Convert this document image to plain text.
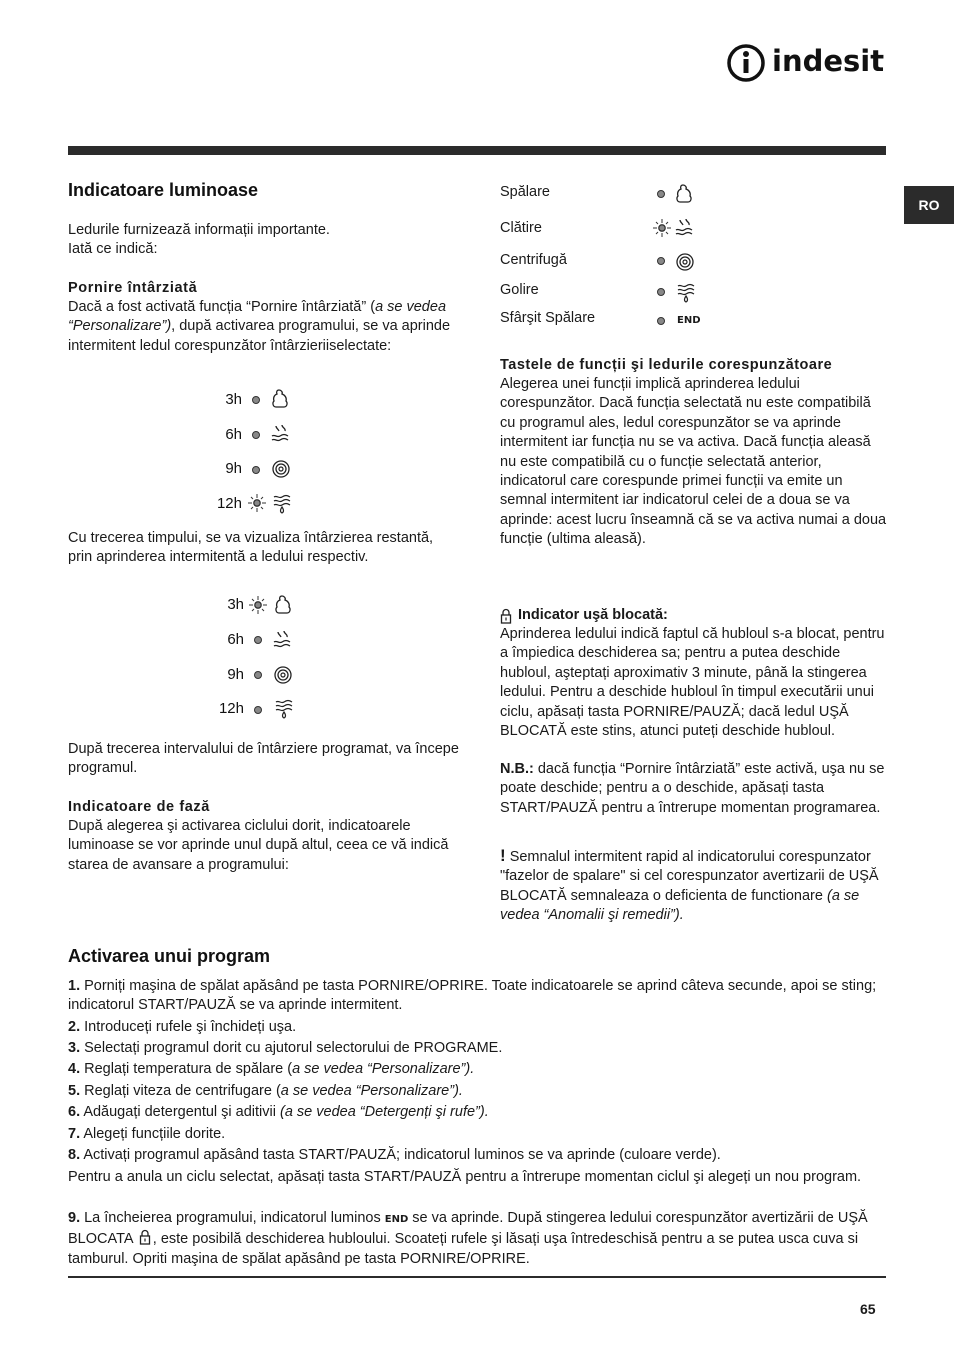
indesit
RO
Indicatoare luminoase

Ledurile furnizează informații importante.

Iată ce indică:

Pornire întârziată

Dacă a fost activată funcția “Pornire întârziată” (a se vedea “Personalizare”), după activarea programului, se va aprinde intermitent ledul corespunzător întârzieriiselectate:

3h
6h
9h
12h

Cu trecerea timpului, se va vizualiza întârzierea restantă, prin aprinderea intermitentă a ledului respectiv.

3h
6h
9h
12h

După trecerea intervalului de întârziere programat, va începe programul.

Indicatoare de fază

După alegerea şi activarea ciclului dorit, indicatoarele luminoase se vor aprinde unul după altul, ceea ce vă indică starea de avansare a programului:

Spălare
Clătire
Centrifugă
Golire
Sfârşit Spălare	END

Tastele de funcții şi ledurile corespunzătoare

Alegerea unei funcții implică aprinderea ledului corespunzător. Dacă funcția selectată nu este compatibilă cu programul ales, ledul corespunzător se va aprinde intermitent iar funcția nu se va activa. Dacă funcția aleasă nu este compatibilă cu o funcție selectată anterior, indicatorul care corespunde primei funcții va emite un semnal intermitent iar indicatorul celei de a doua se va aprinde: acest lucru înseamnă că se va activa numai a doua funcție (ultima aleasă).

Indicator uşă blocată:

Aprinderea ledului indică faptul că hubloul s-a blocat, pentru a împiedica deschiderea sa; pentru a putea deschide hubloul, aşteptați aproximativ 3 minute, până la stingerea ledului. Pentru a deschide hubloul în timpul executării unui ciclu, apăsați tasta PORNIRE/PAUZĂ; dacă ledul UŞĂ BLOCATĂ este stins, atunci puteți deschide hubloul.

N.B.: dacă funcția “Pornire întârziată” este activă, uşa nu se poate deschide; pentru a o deschide, apăsați tasta START/PAUZĂ pentru a întrerupe momentan programarea.

! Semnalul intermitent rapid al indicatorului corespunzator "fazelor de spalare" si cel corespunzator avertizarii de UŞĂ BLOCATĂ semnaleaza o deficienta de functionare (a se vedea “Anomalii şi remedii”).

Activarea unui program

1. Porniți maşina de spălat apăsând pe tasta PORNIRE/OPRIRE. Toate indicatoarele se aprind câteva secunde, apoi se sting; indicatorul START/PAUZĂ se va aprinde intermitent.

2. Introduceți rufele şi închideți uşa.

3. Selectați programul dorit cu ajutorul selectorului de PROGRAME.

4. Reglați temperatura de spălare (a se vedea “Personalizare”).

5. Reglați viteza de centrifugare (a se vedea “Personalizare”).

6. Adăugați detergentul şi aditivii (a se vedea “Detergenți şi rufe”).

7. Alegeți funcțiile dorite.

8. Activați programul apăsând tasta START/PAUZĂ; indicatorul luminos se va aprinde (culoare verde).

Pentru a anula un ciclu selectat, apăsați tasta START/PAUZĂ pentru a întrerupe momentan ciclul şi alegeți un nou program.

9. La încheierea programului, indicatorul luminos END se va aprinde. După stingerea ledului corespunzător avertizării de UŞĂ BLOCATA , este posibilă deschiderea hubloului. Scoateți rufele şi lăsați uşa întredeschisă pentru a se putea usca cuva si tamburul. Opriti maşina de spălat apăsând pe tasta PORNIRE/OPRIRE.

65
